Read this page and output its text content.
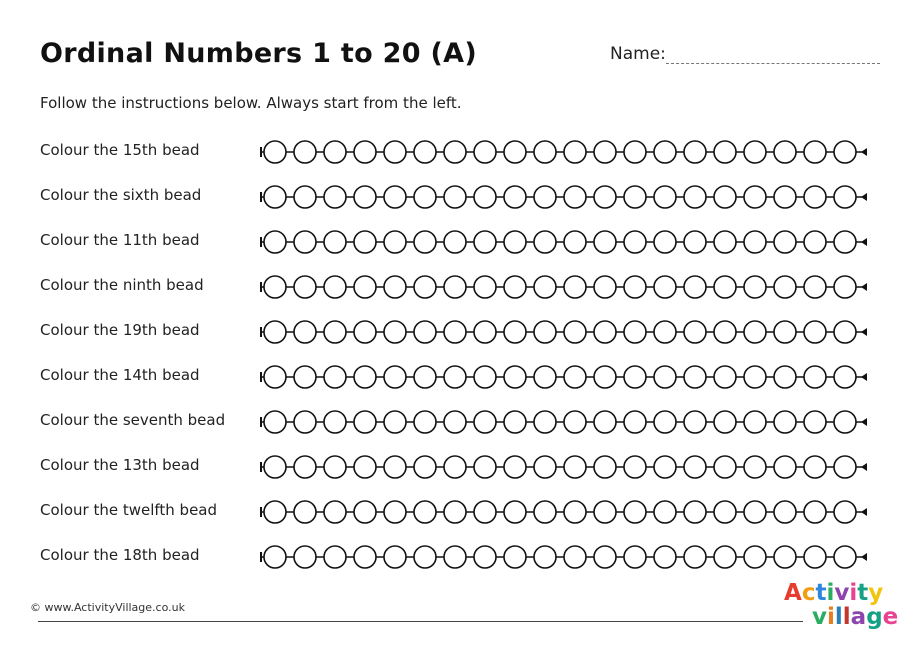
Ordinal Numbers 1 to 20 (A)	Name:
Follow the instructions below. Always start from the left.
Colour the 15th bead
Colour the sixth bead
Colour the 11th bead
Colour the ninth bead
Colour the 19th bead
Colour the 14th bead
Colour the seventh bead
Colour the 13th bead
Colour the twelfth bead
Colour the 18th bead
© www.ActivityVillage.co.uk
Activity
village
